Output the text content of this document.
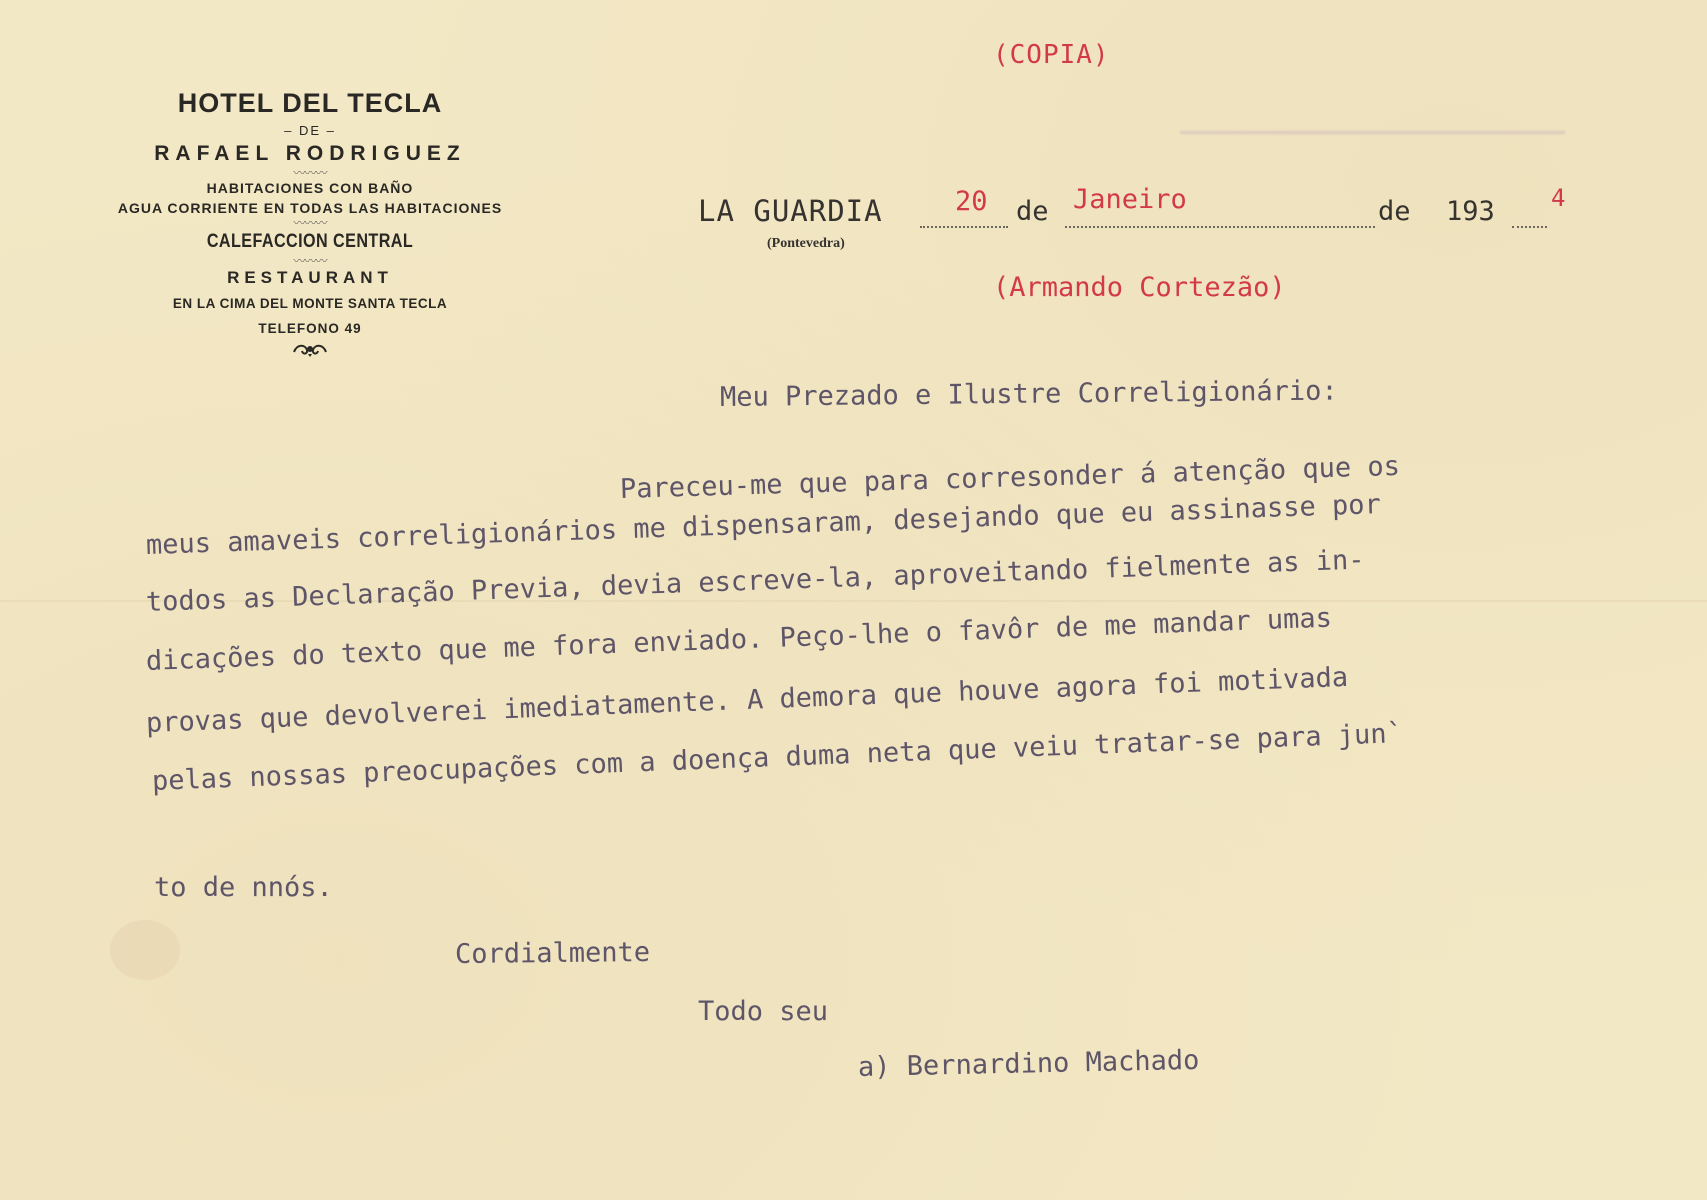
HOTEL DEL TECLA
– DE –
RAFAEL RODRIGUEZ
〰〰〰
HABITACIONES CON BAÑO
AGUA CORRIENTE EN TODAS LAS HABITACIONES
〰〰〰
CALEFACCION CENTRAL
〰〰〰
RESTAURANT
EN LA CIMA DEL MONTE SANTA TECLA
TELEFONO 49
(COPIA)
LA GUARDIA
(Pontevedra)
20 de Janeiro	de 193 4
(Armando Cortezão)
Meu Prezado e Ilustre Correligionário:
Pareceu-me que para corresonder á atenção que os
meus amaveis correligionários me dispensaram, desejando que eu assinasse por
todos as Declaração Previa, devia escreve-la, aproveitando fielmente as in-
dicações do texto que me fora enviado. Peço-lhe o favôr de me mandar umas
provas que devolverei imediatamente. A demora que houve agora foi motivada
pelas nossas preocupações com a doença duma neta que veiu tratar-se para jun`
to de nnós.
Cordialmente
Todo seu
a) Bernardino Machado
